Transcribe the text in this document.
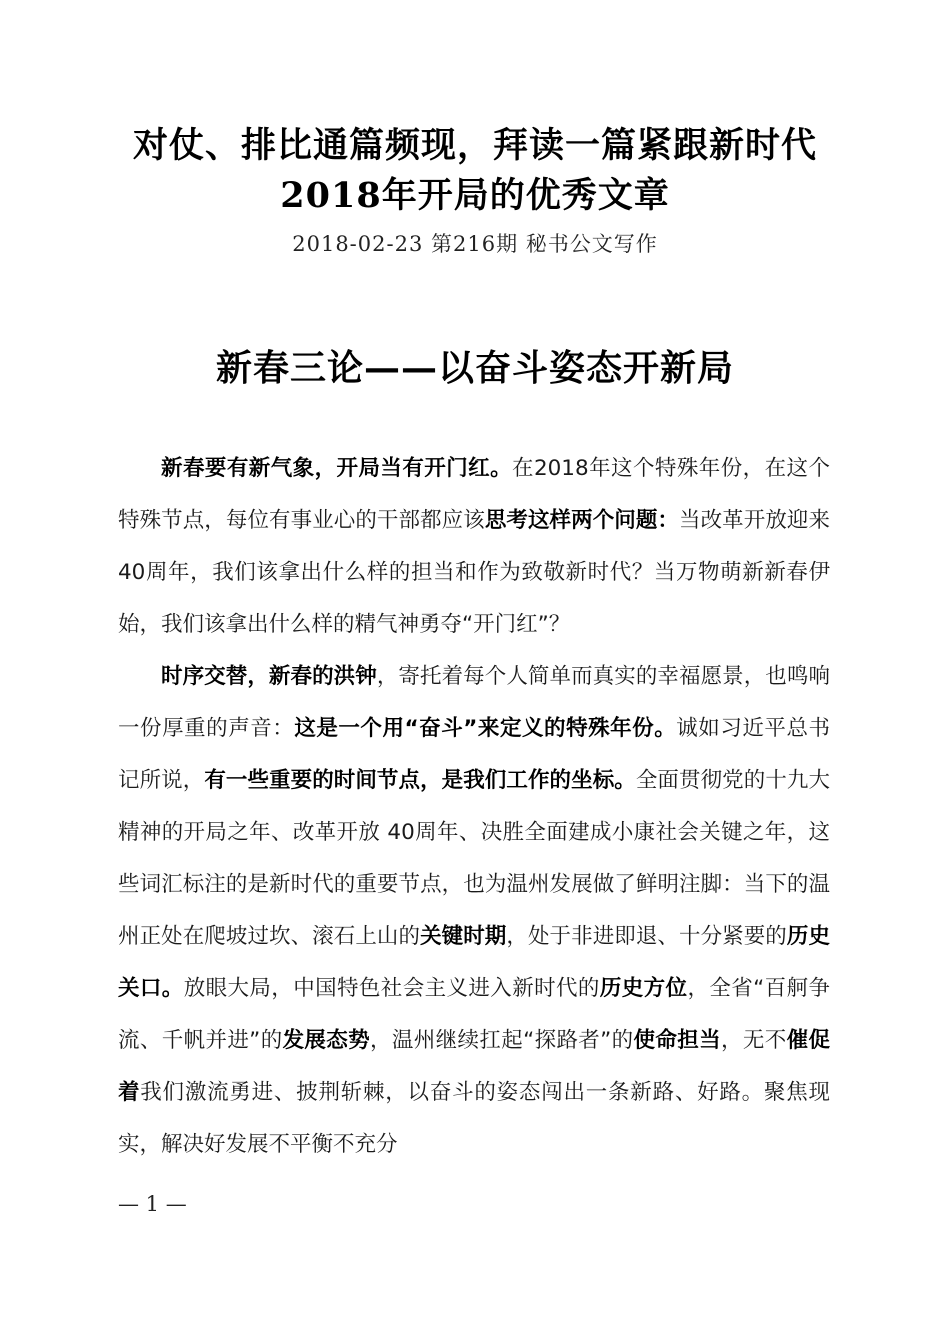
对仗、排比通篇频现，拜读一篇紧跟新时代
2018年开局的优秀文章
2018-02-23 第216期 秘书公文写作
新春三论——以奋斗姿态开新局

新春要有新气象，开局当有开门红。在2018年这个特殊年份，在这个特殊节点，每位有事业心的干部都应该思考这样两个问题：当改革开放迎来40周年，我们该拿出什么样的担当和作为致敬新时代？当万物萌新新春伊始，我们该拿出什么样的精气神勇夺“开门红”？

时序交替，新春的洪钟，寄托着每个人简单而真实的幸福愿景，也鸣响一份厚重的声音：这是一个用“奋斗”来定义的特殊年份。诚如习近平总书记所说，有一些重要的时间节点，是我们工作的坐标。全面贯彻党的十九大精神的开局之年、改革开放 40周年、决胜全面建成小康社会关键之年，这些词汇标注的是新时代的重要节点，也为温州发展做了鲜明注脚：当下的温州正处在爬坡过坎、滚石上山的关键时期，处于非进即退、十分紧要的历史关口。放眼大局，中国特色社会主义进入新时代的历史方位，全省“百舸争流、千帆并进”的发展态势，温州继续扛起“探路者”的使命担当，无不催促着我们激流勇进、披荆斩棘，以奋斗的姿态闯出一条新路、好路。聚焦现实，解决好发展不平衡不充分

— 1 —
